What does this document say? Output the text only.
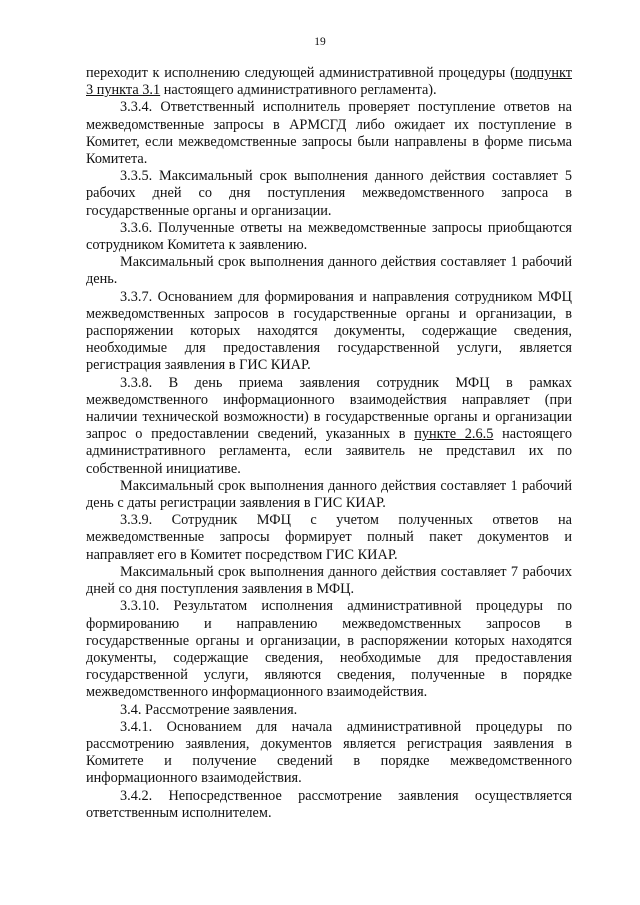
19

переходит к исполнению следующей административной процедуры (подпункт 3 пункта 3.1 настоящего административного регламента).

3.3.4. Ответственный исполнитель проверяет поступление ответов на межведомственные запросы в АРМСГД либо ожидает их поступление в Комитет, если межведомственные запросы были направлены в форме письма Комитета.

3.3.5. Максимальный срок выполнения данного действия составляет 5 рабочих дней со дня поступления межведомственного запроса в государственные органы и организации.

3.3.6. Полученные ответы на межведомственные запросы приобщаются сотрудником Комитета к заявлению.

Максимальный срок выполнения данного действия составляет 1 рабочий день.

3.3.7. Основанием для формирования и направления сотрудником МФЦ межведомственных запросов в государственные органы и организации, в распоряжении которых находятся документы, содержащие сведения, необходимые для предоставления государственной услуги, является регистрация заявления в ГИС КИАР.

3.3.8. В день приема заявления сотрудник МФЦ в рамках межведомственного информационного взаимодействия направляет (при наличии технической возможности) в государственные органы и организации запрос о предоставлении сведений, указанных в пункте 2.6.5 настоящего административного регламента, если заявитель не представил их по собственной инициативе.

Максимальный срок выполнения данного действия составляет 1 рабочий день с даты регистрации заявления в ГИС КИАР.

3.3.9. Сотрудник МФЦ с учетом полученных ответов на межведомственные запросы формирует полный пакет документов и направляет его в Комитет посредством ГИС КИАР.

Максимальный срок выполнения данного действия составляет 7 рабочих дней со дня поступления заявления в МФЦ.

3.3.10. Результатом исполнения административной процедуры по формированию и направлению межведомственных запросов в государственные органы и организации, в распоряжении которых находятся документы, содержащие сведения, необходимые для предоставления государственной услуги, являются сведения, полученные в порядке межведомственного информационного взаимодействия.

3.4. Рассмотрение заявления.

3.4.1. Основанием для начала административной процедуры по рассмотрению заявления, документов является регистрация заявления в Комитете и получение сведений в порядке межведомственного информационного взаимодействия.

3.4.2. Непосредственное рассмотрение заявления осуществляется ответственным исполнителем.
